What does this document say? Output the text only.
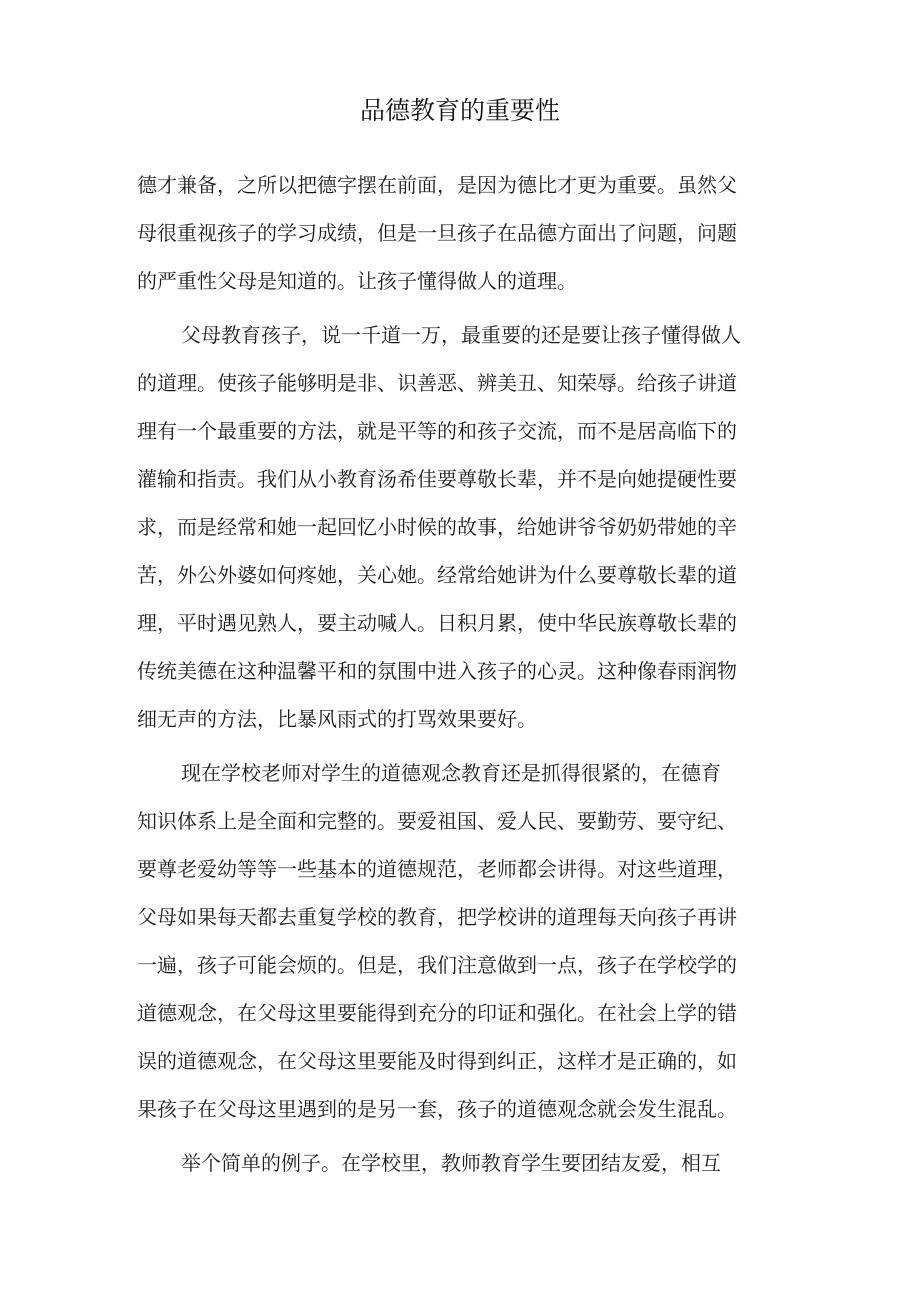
品德教育的重要性
德才兼备，之所以把德字摆在前面，是因为德比才更为重要。虽然父
母很重视孩子的学习成绩，但是一旦孩子在品德方面出了问题，问题
的严重性父母是知道的。让孩子懂得做人的道理。
父母教育孩子，说一千道一万，最重要的还是要让孩子懂得做人
的道理。使孩子能够明是非、识善恶、辨美丑、知荣辱。给孩子讲道
理有一个最重要的方法，就是平等的和孩子交流，而不是居高临下的
灌输和指责。我们从小教育汤希佳要尊敬长辈，并不是向她提硬性要
求，而是经常和她一起回忆小时候的故事，给她讲爷爷奶奶带她的辛
苦，外公外婆如何疼她，关心她。经常给她讲为什么要尊敬长辈的道
理，平时遇见熟人，要主动喊人。日积月累，使中华民族尊敬长辈的
传统美德在这种温馨平和的氛围中进入孩子的心灵。这种像春雨润物
细无声的方法，比暴风雨式的打骂效果要好。
现在学校老师对学生的道德观念教育还是抓得很紧的，在德育
知识体系上是全面和完整的。要爱祖国、爱人民、要勤劳、要守纪、
要尊老爱幼等等一些基本的道德规范，老师都会讲得。对这些道理，
父母如果每天都去重复学校的教育，把学校讲的道理每天向孩子再讲
一遍，孩子可能会烦的。但是，我们注意做到一点，孩子在学校学的
道德观念，在父母这里要能得到充分的印证和强化。在社会上学的错
误的道德观念，在父母这里要能及时得到纠正，这样才是正确的，如
果孩子在父母这里遇到的是另一套，孩子的道德观念就会发生混乱。
举个简单的例子。在学校里，教师教育学生要团结友爱，相互
